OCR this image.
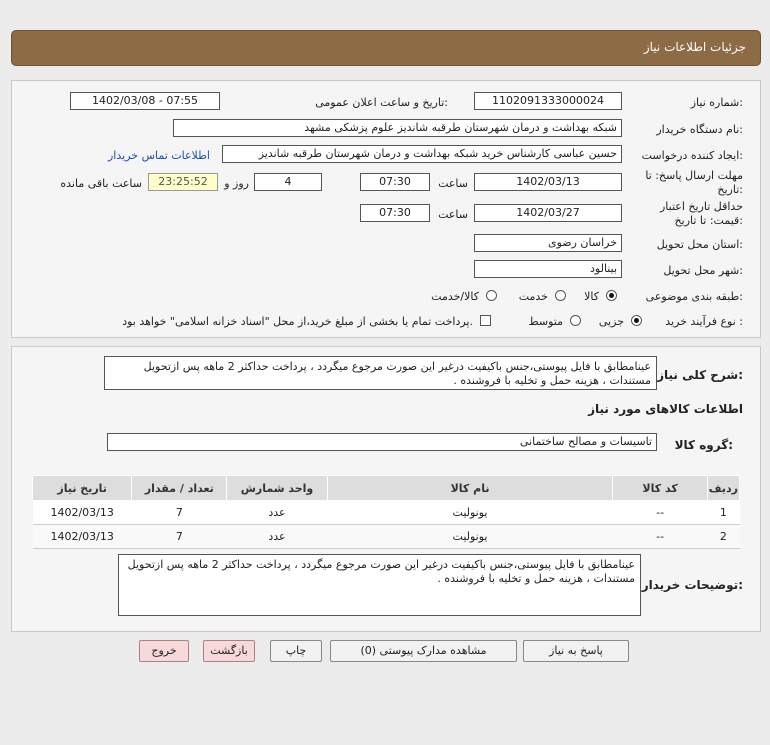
جزئیات اطلاعات نیاز
شماره نیاز:
1102091333000024
تاریخ و ساعت اعلان عمومی:
1402/03/08 - 07:55
نام دستگاه خریدار:
شبکه بهداشت و درمان شهرستان طرقبه شاندیز علوم پزشکی مشهد
ایجاد کننده درخواست:
حسین عباسی کارشناس خرید شبکه بهداشت و درمان شهرستان طرقبه شاندیز
اطلاعات تماس خریدار
مهلت ارسال پاسخ: تا تاریخ:
1402/03/13
ساعت
07:30
4
روز و
23:25:52
ساعت باقی مانده
حداقل تاریخ اعتبار قیمت: تا تاریخ:
1402/03/27
ساعت
07:30
استان محل تحویل:
خراسان رضوی
شهر محل تحویل:
بینالود
طبقه بندی موضوعی:
کالا
خدمت
کالا/خدمت
نوع فرآیند خرید :
جزیی
متوسط
پرداخت تمام یا بخشی از مبلغ خرید،از محل "اسناد خزانه اسلامی" خواهد بود.
شرح کلی نیاز:
عینامطابق با فایل پیوستی،جنس باکیفیت درغیر این صورت مرجوع میگردد ، پرداخت حداکثر 2 ماهه پس ازتحویل مستندات ، هزینه حمل و تخلیه با فروشنده .
اطلاعات کالاهای مورد نیاز
گروه کالا:
تاسیسات و مصالح ساختمانی
ردیف	کد کالا	نام کالا	واحد شمارش	تعداد / مقدار	تاریخ نیاز
1	--	یونولیت	عدد	7	1402/03/13
2	--	یونولیت	عدد	7	1402/03/13
توضیحات خریدار:
عینامطابق با فایل پیوستی،جنس باکیفیت درغیر این صورت مرجوع میگردد ، پرداخت حداکثر 2 ماهه پس ازتحویل مستندات ، هزینه حمل و تخلیه با فروشنده .
پاسخ به نیاز
مشاهده مدارک پیوستی (0)
چاپ
بازگشت
خروج
